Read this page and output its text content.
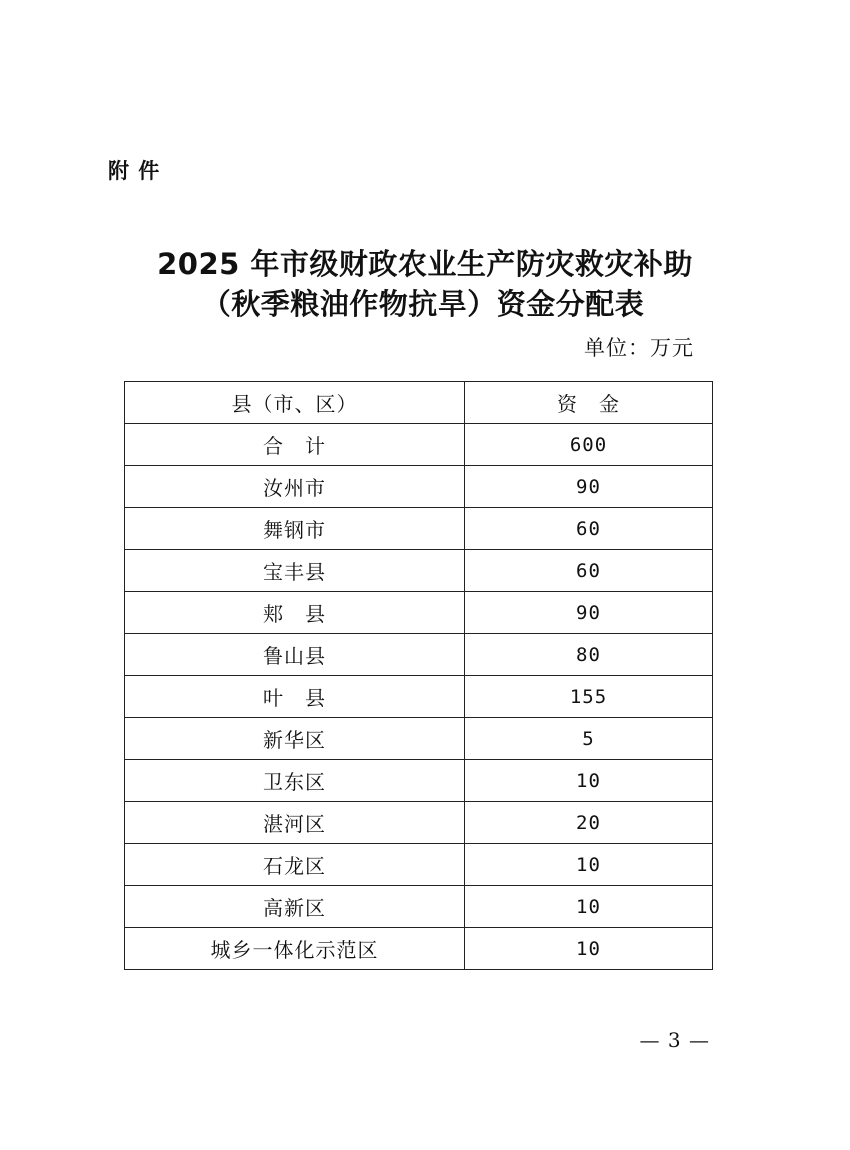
附 件
2025 年市级财政农业生产防灾救灾补助
（秋季粮油作物抗旱）资金分配表
单位：万元
县（市、区）	资　金
合　计	600
汝州市	90
舞钢市	60
宝丰县	60
郏　县	90
鲁山县	80
叶　县	155
新华区	5
卫东区	10
湛河区	20
石龙区	10
高新区	10
城乡一体化示范区	10
— 3 —
